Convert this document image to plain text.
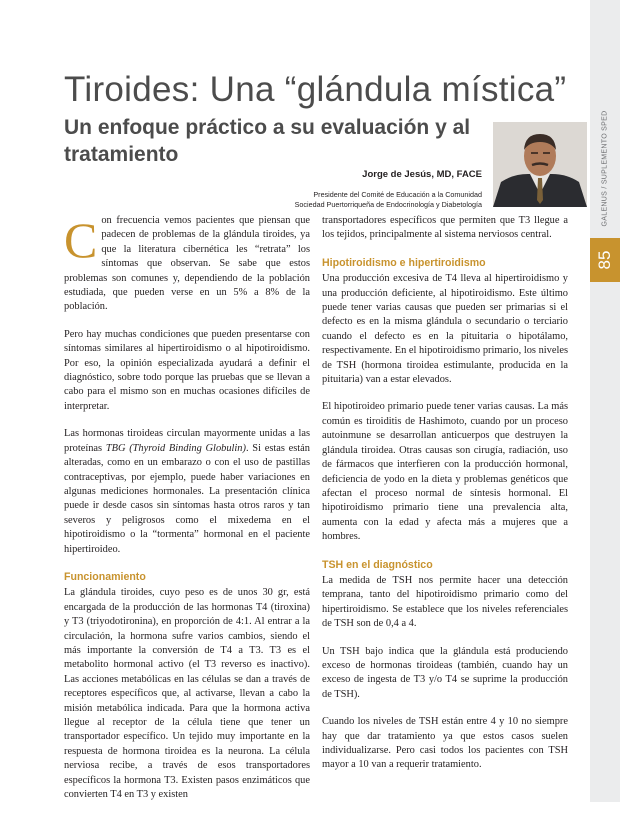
GALENUS / SUPLEMENTO SPED
85
Tiroides: Una “glándula mística”
Un enfoque práctico a su evaluación y al tratamiento
Jorge de Jesús, MD, FACE
Presidente del Comité de Educación a la Comunidad
Sociedad Puertorriqueña de Endocrinología y Diabetología

Con frecuencia vemos pacientes que piensan que padecen de problemas de la glándula tiroides, ya que la literatura cibernética les “retrata” los síntomas que observan. Se sabe que estos problemas son comunes y, dependiendo de la población estudiada, que pueden verse en un 5% a 8% de la población.

Pero hay muchas condiciones que pueden presentarse con síntomas similares al hipertiroidismo o al hipotiroidismo. Por eso, la opinión especializada ayudará a definir el diagnóstico, sobre todo porque las pruebas que se llevan a cabo para el mismo son en muchas ocasiones difíciles de interpretar.

Las hormonas tiroideas circulan mayormente unidas a las proteínas TBG (Thyroid Binding Globulin). Si estas están alteradas, como en un embarazo o con el uso de pastillas contraceptivas, por ejemplo, puede haber variaciones en algunas mediciones hormonales. La presentación clínica puede ir desde casos sin síntomas hasta otros raros y tan severos y peligrosos como el mixedema en el hipotiroidismo o la “tormenta” hormonal en el paciente hipertiroideo.

Funcionamiento

La glándula tiroides, cuyo peso es de unos 30 gr, está encargada de la producción de las hormonas T4 (tiroxina) y T3 (triyodotironina), en proporción de 4:1. Al entrar a la circulación, la hormona sufre varios cambios, siendo el más importante la conversión de T4 a T3. T3 es el metabolito hormonal activo (el T3 reverso es inactivo). Las acciones metabólicas en las células se dan a través de receptores específicos que, al activarse, llevan a cabo la misión metabólica indicada. Para que la hormona activa llegue al receptor de la célula tiene que tener un transportador específico. Un tejido muy importante en la respuesta de hormona tiroidea es la neurona. La célula nerviosa recibe, a través de esos transportadores específicos la hormona T3. Existen pasos enzimáticos que convierten T4 en T3 y existen

transportadores específicos que permiten que T3 llegue a los tejidos, principalmente al sistema nerviosos central.

Hipotiroidismo e hipertiroidismo

Una producción excesiva de T4 lleva al hipertiroidismo y una producción deficiente, al hipotiroidismo. Este último puede tener varias causas que pueden ser primarias si el defecto es en la misma glándula o secundario o terciario cuando el defecto es en la pituitaria o hipotálamo, respectivamente. En el hipotiroidismo primario, los niveles de TSH (hormona tiroidea estimulante, producida en la pituitaria) van a estar elevados.

El hipotiroideo primario puede tener varias causas. La más común es tiroiditis de Hashimoto, cuando por un proceso autoinmune se desarrollan anticuerpos que destruyen la glándula tiroidea. Otras causas son cirugía, radiación, uso de fármacos que interfieren con la producción hormonal, deficiencia de yodo en la dieta y problemas genéticos que afectan el proceso normal de síntesis hormonal. El hipotiroidismo primario tiene una prevalencia alta, aumenta con la edad y afecta más a mujeres que a hombres.

TSH en el diagnóstico

La medida de TSH nos permite hacer una detección temprana, tanto del hipotiroidismo primario como del hipertiroidismo. Se establece que los niveles referenciales de TSH son de 0,4 a 4.

Un TSH bajo indica que la glándula está produciendo exceso de hormonas tiroideas (también, cuando hay un exceso de ingesta de T3 y/o T4 se suprime la producción de TSH).

Cuando los niveles de TSH están entre 4 y 10 no siempre hay que dar tratamiento ya que estos casos suelen individualizarse. Pero casi todos los pacientes con TSH mayor a 10 van a requerir tratamiento.
